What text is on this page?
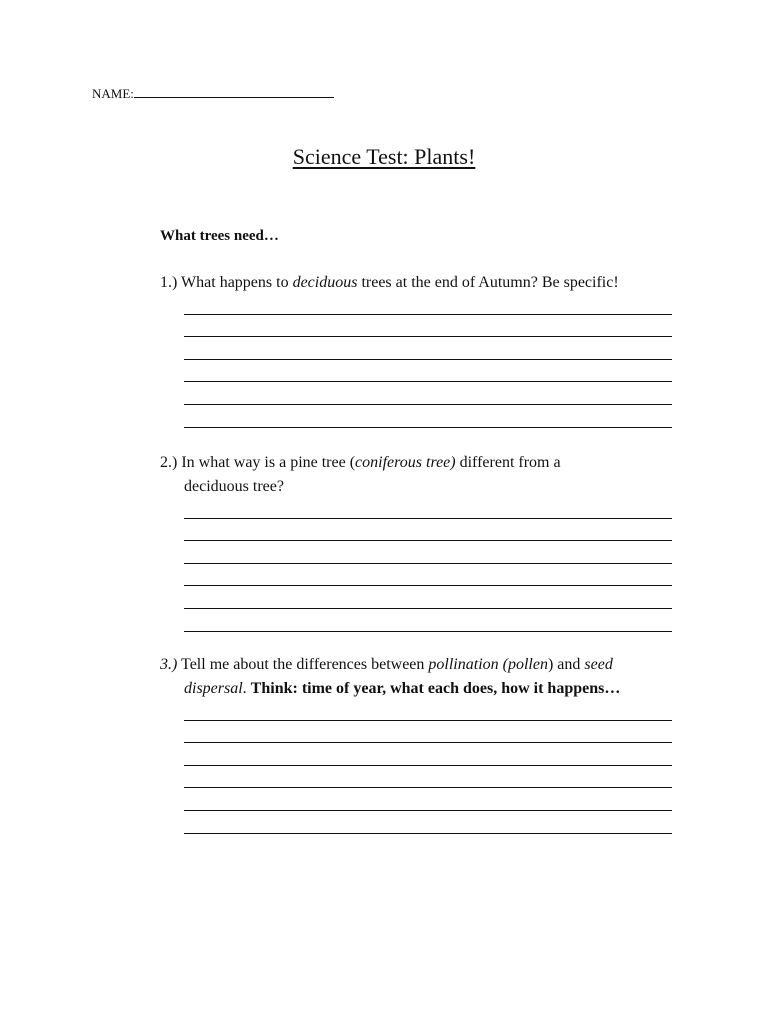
NAME:
Science Test: Plants!
What trees need…
1.) What happens to deciduous trees at the end of Autumn? Be specific!
2.) In what way is a pine tree (coniferous tree) different from a
deciduous tree?
3.) Tell me about the differences between pollination (pollen) and seed
dispersal. Think: time of year, what each does, how it happens…
